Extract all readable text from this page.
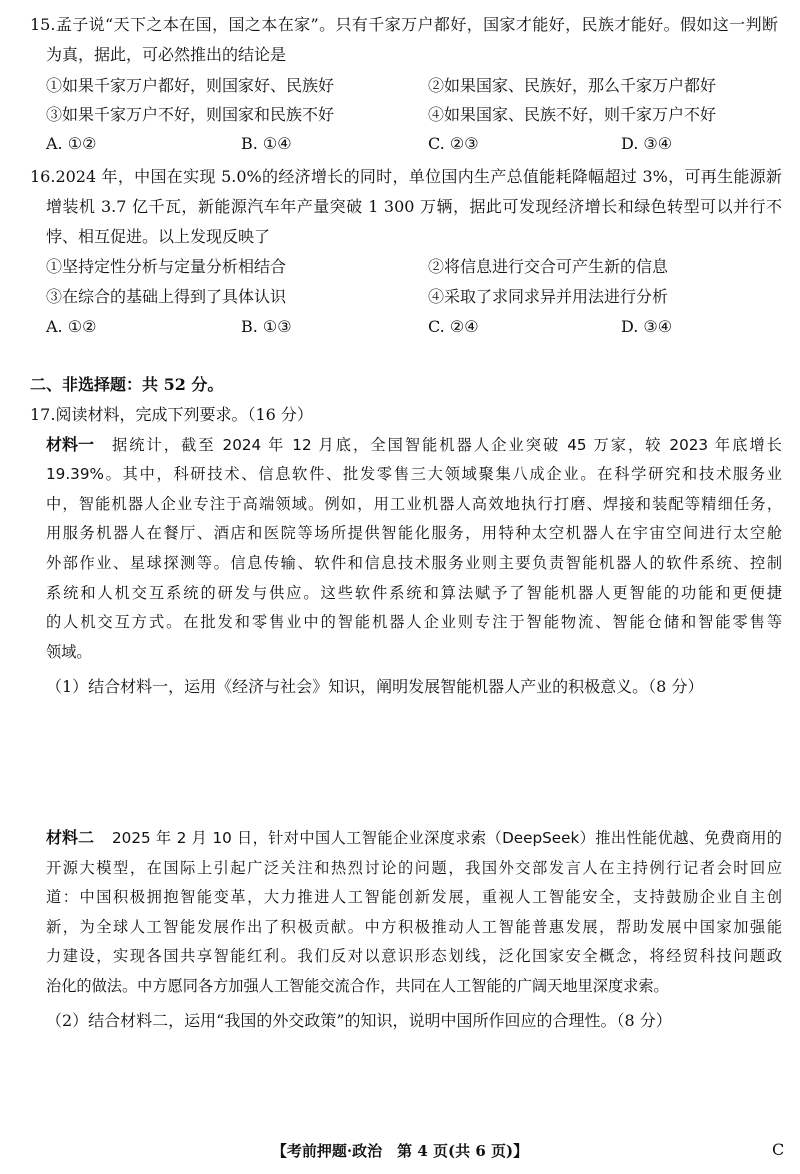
15.孟子说“天下之本在国，国之本在家”。只有千家万户都好，国家才能好，民族才能好。假如这一判断
为真，据此，可必然推出的结论是
①如果千家万户都好，则国家好、民族好	②如果国家、民族好，那么千家万户都好
③如果千家万户不好，则国家和民族不好	④如果国家、民族不好，则千家万户不好
A. ①②	B. ①④	C. ②③	D. ③④
16.2024 年，中国在实现 5.0%的经济增长的同时，单位国内生产总值能耗降幅超过 3%，可再生能源新
增装机 3.7 亿千瓦，新能源汽车年产量突破 1 300 万辆，据此可发现经济增长和绿色转型可以并行不
悖、相互促进。以上发现反映了
①坚持定性分析与定量分析相结合	②将信息进行交合可产生新的信息
③在综合的基础上得到了具体认识	④采取了求同求异并用法进行分析
A. ①②	B. ①③	C. ②④	D. ③④
二、非选择题：共 52 分。
17.阅读材料，完成下列要求。（16 分）
材料一 据统计，截至 2024 年 12 月底，全国智能机器人企业突破 45 万家，较 2023 年底增长
19.39%。其中，科研技术、信息软件、批发零售三大领域聚集八成企业。在科学研究和技术服务业
中，智能机器人企业专注于高端领域。例如，用工业机器人高效地执行打磨、焊接和装配等精细任务，
用服务机器人在餐厅、酒店和医院等场所提供智能化服务，用特种太空机器人在宇宙空间进行太空舱
外部作业、星球探测等。信息传输、软件和信息技术服务业则主要负责智能机器人的软件系统、控制
系统和人机交互系统的研发与供应。这些软件系统和算法赋予了智能机器人更智能的功能和更便捷
的人机交互方式。在批发和零售业中的智能机器人企业则专注于智能物流、智能仓储和智能零售等
领域。
（1）结合材料一，运用《经济与社会》知识，阐明发展智能机器人产业的积极意义。（8 分）
材料二 2025 年 2 月 10 日，针对中国人工智能企业深度求索（DeepSeek）推出性能优越、免费商用的
开源大模型，在国际上引起广泛关注和热烈讨论的问题，我国外交部发言人在主持例行记者会时回应
道：中国积极拥抱智能变革，大力推进人工智能创新发展，重视人工智能安全，支持鼓励企业自主创
新，为全球人工智能发展作出了积极贡献。中方积极推动人工智能普惠发展，帮助发展中国家加强能
力建设，实现各国共享智能红利。我们反对以意识形态划线，泛化国家安全概念，将经贸科技问题政
治化的做法。中方愿同各方加强人工智能交流合作，共同在人工智能的广阔天地里深度求索。
（2）结合材料二，运用“我国的外交政策”的知识，说明中国所作回应的合理性。（8 分）
【考前押题·政治　第 4 页(共 6 页)】	C
